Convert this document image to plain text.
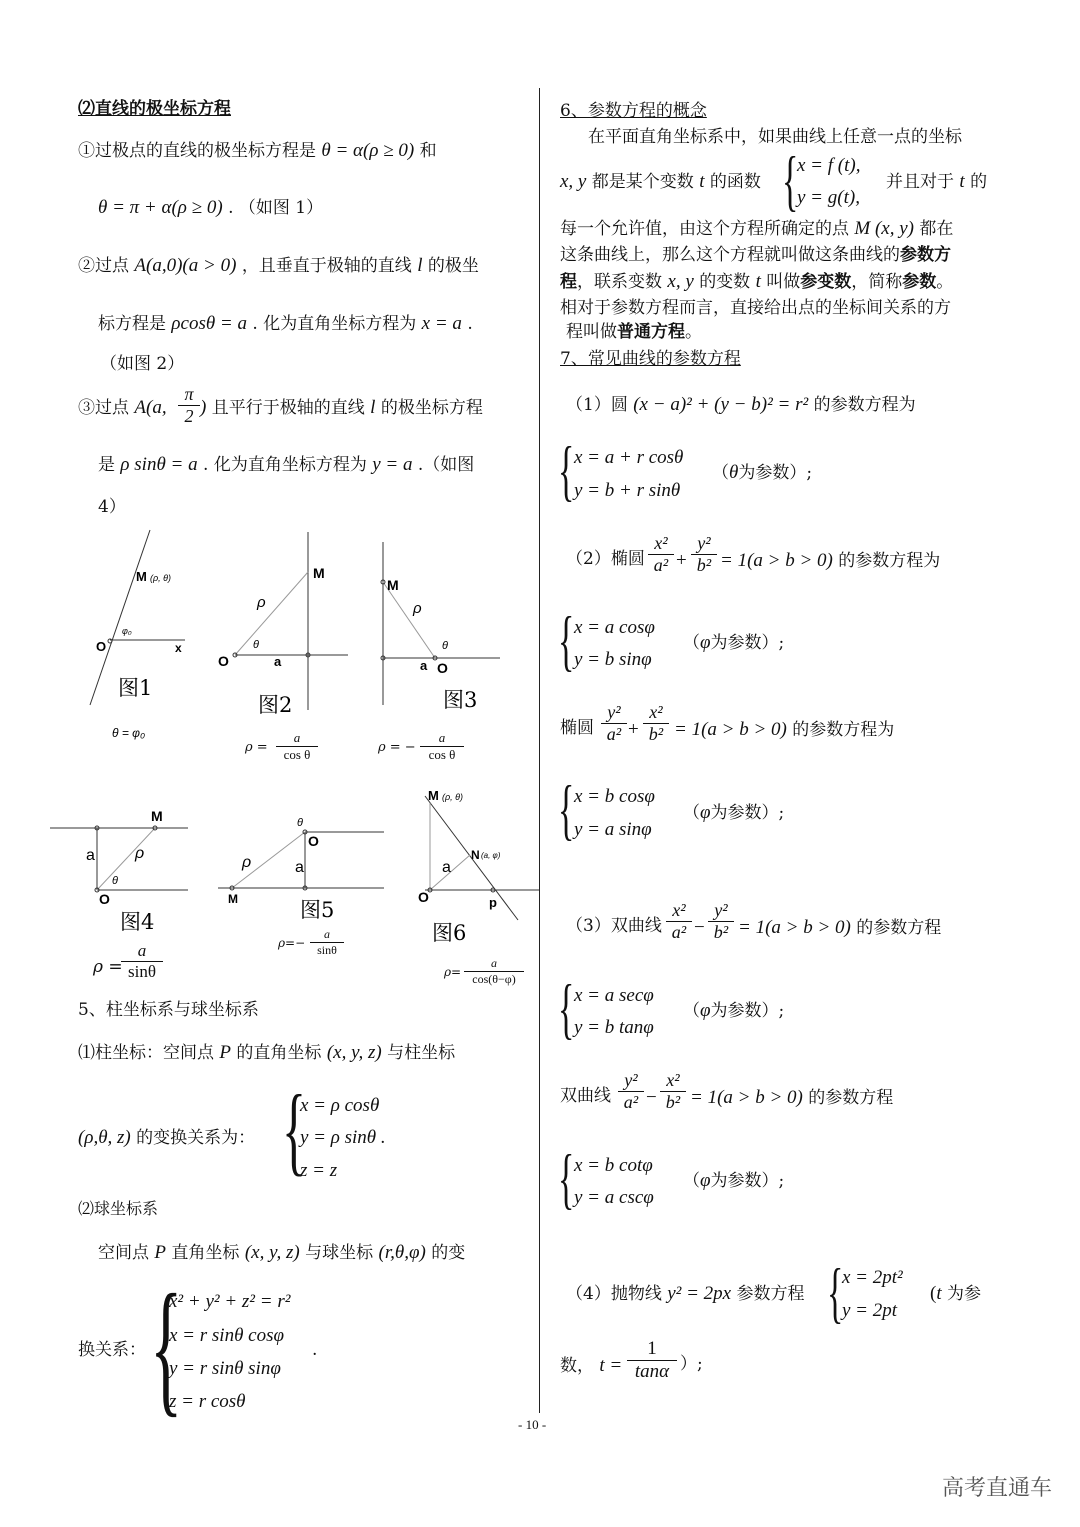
⑵直线的极坐标方程
①过极点的直线的极坐标方程是 θ = α(ρ ≥ 0) 和
θ = π + α(ρ ≥ 0) . （如图 1）
②过点 A(a,0)(a > 0) ，且垂直于极轴的直线 l 的极坐
标方程是 ρcosθ = a . 化为直角坐标方程为 x = a .
（如图 2）
③过点 A(a, $\frac{\pi}{2}$ ) 且平行于极轴的直线 l 的极坐标方程
是 ρ sinθ = a . 化为直角坐标方程为 y = a .（如图
4）
M (ρ, θ)
O	x
φ₀
图1
θ = φ₀
M
ρ
θ
O	a
图2
M
ρ
θ
a O
图3
M
a	ρ
θ
O
图4
θ
O
ρ	a
M	图5
M (ρ, θ)
a
N (a, φ)
O	p
图6
$\rho = \frac{a}{\text{cos θ}}$	ρ = − $\frac{a}{\text{cos θ}}$
ρ =
$\frac{a}{\sin\theta}$	$\rho=- \frac{a}{\sin\theta}$
$\rho= \frac{a}{\cos(\theta-\varphi)}$
5、柱坐标系与球坐标系
⑴柱坐标：空间点 P 的直角坐标 (x, y, z) 与柱坐标
(ρ,θ, z) 的变换关系为： {
x = ρ cosθ
y = ρ sinθ .
z = z
⑵球坐标系
空间点 P 直角坐标 (x, y, z) 与球坐标 (r,θ,φ) 的变
换关系： {
x² + y² + z² = r²
x = r sinθ cosφ
y = r sinθ sinφ
z = r cosθ
.
6、参数方程的概念
在平面直角坐标系中，如果曲线上任意一点的坐标
x, y 都是某个变数 t 的函数 {
x = f (t),
y = g(t),
并且对于 t 的
每一个允许值，由这个方程所确定的点 M (x, y) 都在
这条曲线上，那么这个方程就叫做这条曲线的参数方
程，联系变数 x, y 的变数 t 叫做参变数，简称参数。
相对于参数方程而言，直接给出点的坐标间关系的方
程叫做普通方程。
7、常见曲线的参数方程
（1）圆 (x − a)² + (y − b)² = r² 的参数方程为
{ x = a + r cosθ
y = b + r sinθ
（θ为参数）;
（2）椭圆 $\frac{\text{x²}}{\text{a²}} + \frac{\text{y²}}{\text{b²}} = 1(a > b > 0)$ 的参数方程为
{ x = a cosφ
y = b sinφ
（φ为参数）;
椭圆 $\frac{\text{y²}}{\text{a²}} + \frac{\text{x²}}{\text{b²}} = 1(a > b > 0)$ 的参数方程为
{ x = b cosφ
y = a sinφ
（φ为参数）;
（3）双曲线 $\frac{\text{x²}}{\text{a²}} - \frac{\text{y²}}{\text{b²}} = 1(a > b > 0)$ 的参数方程
{ x = a secφ
y = b tanφ
（φ为参数）;
双曲线 $\frac{\text{y²}}{\text{a²}} - \frac{\text{x²}}{\text{b²}} = 1(a > b > 0)$ 的参数方程
{ x = b cotφ
y = a cscφ
（φ为参数）;
（4）抛物线 y² = 2px 参数方程 {
x = 2pt²
y = 2pt
(t 为参
数， $t = \frac{1}{\tan\alpha}$ ）;
- 10 -
高考直通车
